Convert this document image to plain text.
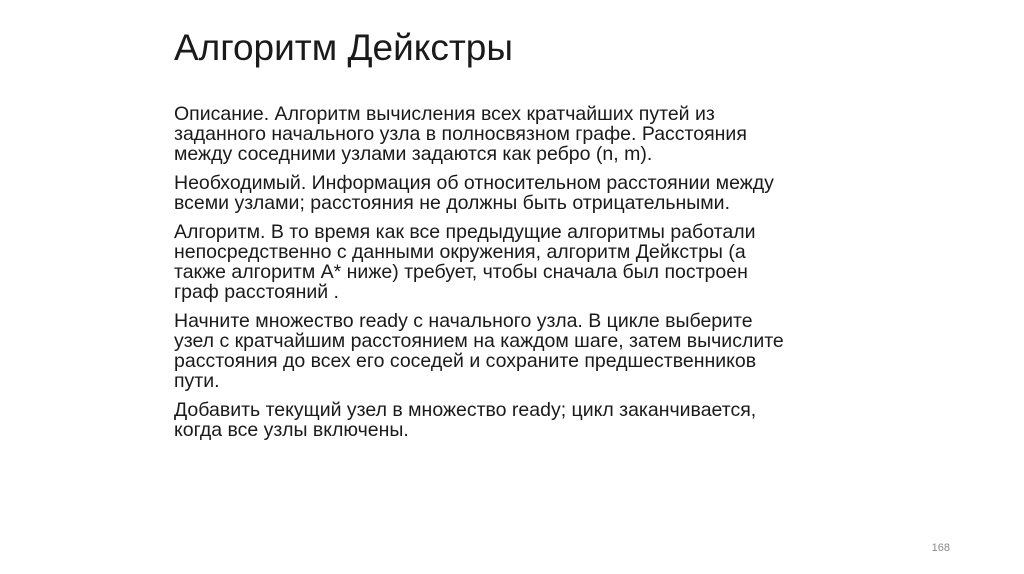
Алгоритм Дейкстры

Описание. Алгоритм вычисления всех кратчайших путей из
заданного начального узла в полносвязном графе. Расстояния
между соседними узлами задаются как ребро (n, m).

Необходимый. Информация об относительном расстоянии между
всеми узлами; расстояния не должны быть отрицательными.

Алгоритм. В то время как все предыдущие алгоритмы работали
непосредственно с данными окружения, алгоритм Дейкстры (а
также алгоритм A* ниже) требует, чтобы сначала был построен
граф расстояний .

Начните множество ready с начального узла. В цикле выберите
узел с кратчайшим расстоянием на каждом шаге, затем вычислите
расстояния до всех его соседей и сохраните предшественников
пути.

Добавить текущий узел в множество ready; цикл заканчивается,
когда все узлы включены.

168
